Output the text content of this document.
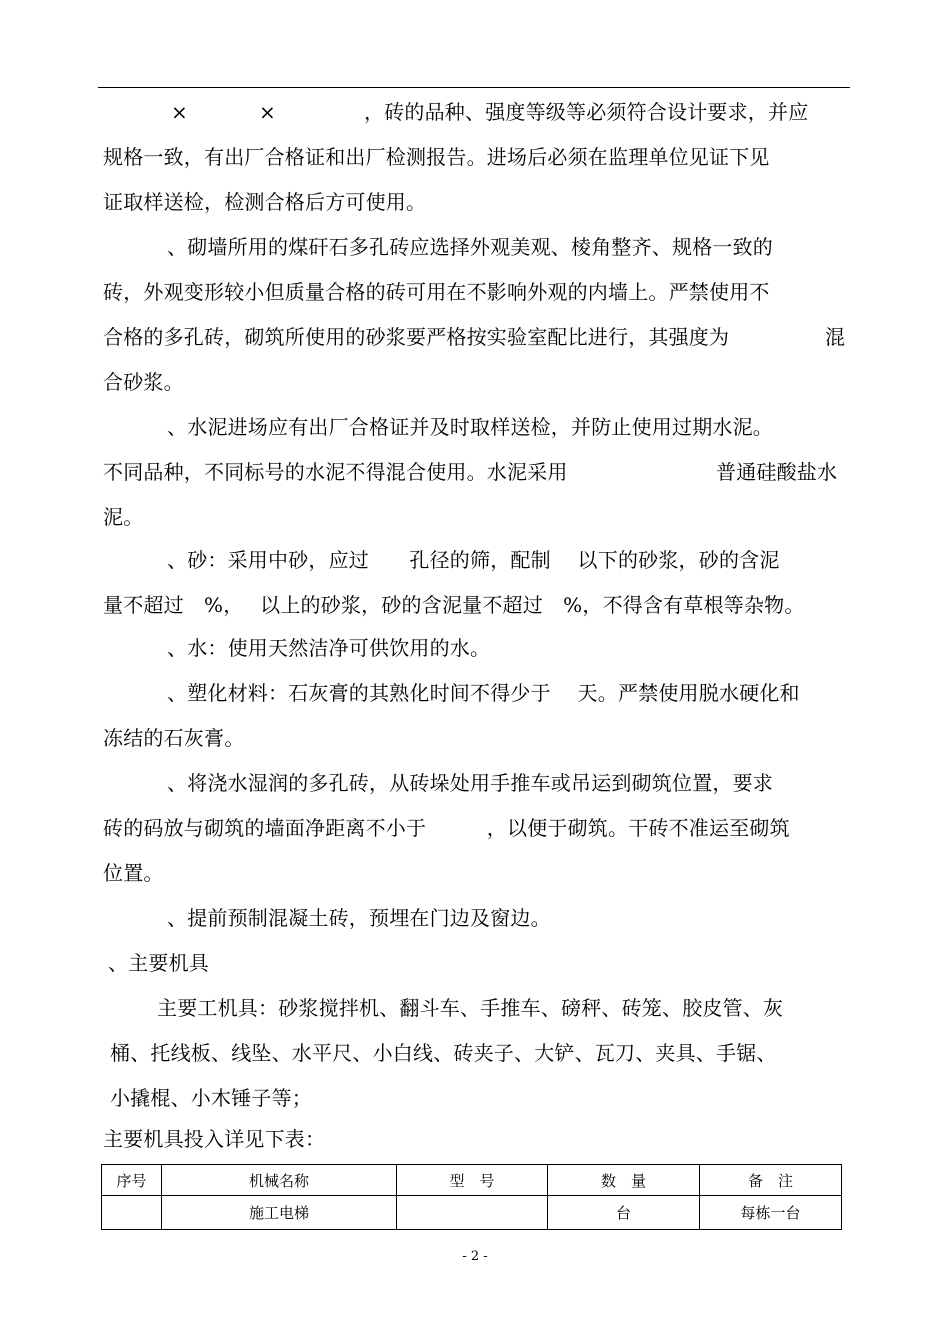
×	×	，砖的品种、强度等级等必须符合设计要求，并应
规格一致，有出厂合格证和出厂检测报告。进场后必须在监理单位见证下见
证取样送检，检测合格后方可使用。
、砌墙所用的煤矸石多孔砖应选择外观美观、棱角整齐、规格一致的
砖，外观变形较小但质量合格的砖可用在不影响外观的内墙上。严禁使用不
合格的多孔砖，砌筑所使用的砂浆要严格按实验室配比进行，其强度为	混
合砂浆。
、水泥进场应有出厂合格证并及时取样送检，并防止使用过期水泥。
不同品种，不同标号的水泥不得混合使用。水泥采用	普通硅酸盐水
泥。
、砂：采用中砂，应过　　孔径的筛，配制　 以下的砂浆，砂的含泥
量不超过　%，　 以上的砂浆，砂的含泥量不超过　%，不得含有草根等杂物。
、水：使用天然洁净可供饮用的水。
、塑化材料：石灰膏的其熟化时间不得少于　 天。严禁使用脱水硬化和
冻结的石灰膏。
、将浇水湿润的多孔砖，从砖垛处用手推车或吊运到砌筑位置，要求
砖的码放与砌筑的墙面净距离不小于　　　，以便于砌筑。干砖不准运至砌筑
位置。
、提前预制混凝土砖，预埋在门边及窗边。
、主要机具
主要工机具：砂浆搅拌机、翻斗车、手推车、磅秤、砖笼、胶皮管、灰
桶、托线板、线坠、水平尺、小白线、砖夹子、大铲、瓦刀、夹具、手锯、
小撬棍、小木锤子等；
主要机具投入详见下表：
序号	机械名称	型　号	数　量	备　注
	施工电梯		台	每栋一台
- 2 -
